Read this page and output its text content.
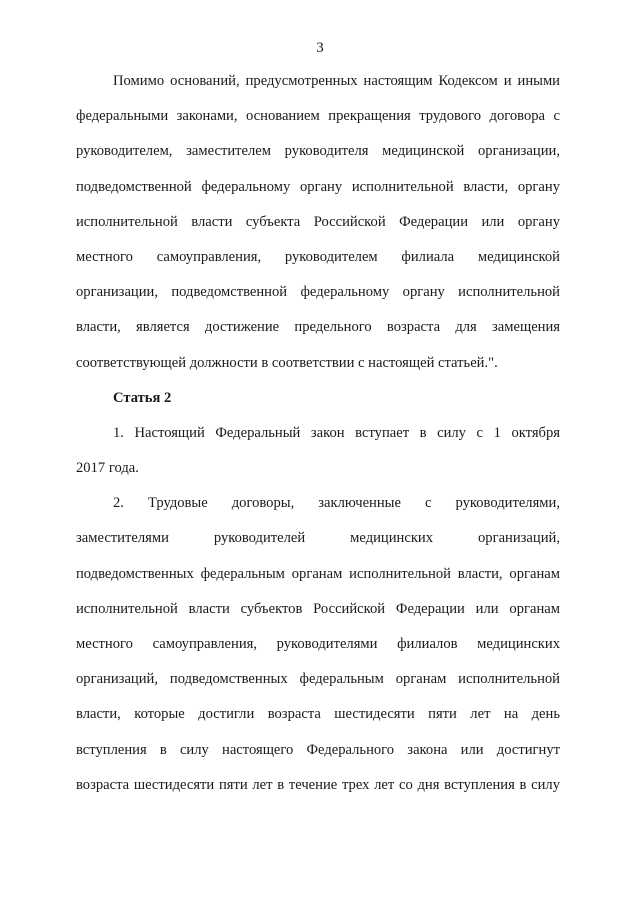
3
Помимо оснований, предусмотренных настоящим Кодексом и иными
федеральными законами, основанием прекращения трудового договора с
руководителем, заместителем руководителя медицинской организации,
подведомственной федеральному органу исполнительной власти, органу
исполнительной власти субъекта Российской Федерации или органу
местного самоуправления, руководителем филиала медицинской
организации, подведомственной федеральному органу исполнительной
власти, является достижение предельного возраста для замещения
соответствующей должности в соответствии с настоящей статьей.".
Статья 2
1. Настоящий Федеральный закон вступает в силу с 1 октября
2017 года.
2. Трудовые договоры, заключенные с руководителями,
заместителями руководителей медицинских организаций,
подведомственных федеральным органам исполнительной власти, органам
исполнительной власти субъектов Российской Федерации или органам
местного самоуправления, руководителями филиалов медицинских
организаций, подведомственных федеральным органам исполнительной
власти, которые достигли возраста шестидесяти пяти лет на день
вступления в силу настоящего Федерального закона или достигнут
возраста шестидесяти пяти лет в течение трех лет со дня вступления в силу
